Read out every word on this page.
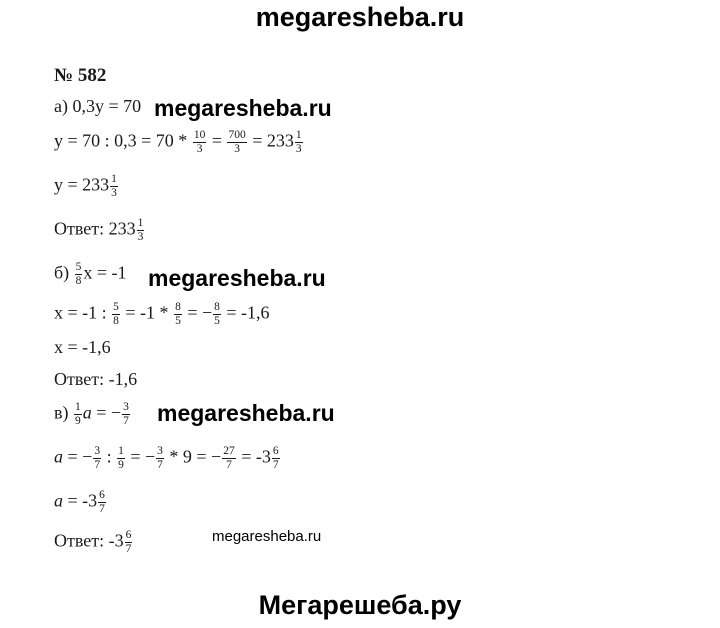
megaresheba.ru
№ 582
а) 0,3y = 70 megaresheba.ru
y = 70 : $0,3 = 70 * \frac{10}{3} = \frac{700}{3} = 233 \frac{1}{3}$
$y = 233 \frac{1}{3}$
Ответ: $233 \frac{1}{3}$
$б) \frac{5}{8}$ x = -1 megaresheba.ru
x = -1 : $\frac{5}{8} = -1 * \frac{8}{5}$ = − $\frac{8}{5} = -1,6$
x = -1,6
Ответ: -1,6
$в) \frac{1}{9}$ a = − $\frac{3}{7}$ megaresheba.ru
a = − $\frac{3}{7}$ : $\frac{1}{9}$ = − $\frac{3}{7} * 9$ = − $\frac{27}{7} = -3 \frac{6}{7}$
$a = -3 \frac{6}{7}$
Ответ: $-3 \frac{6}{7}$	megaresheba.ru
Мегарешеба.ру
